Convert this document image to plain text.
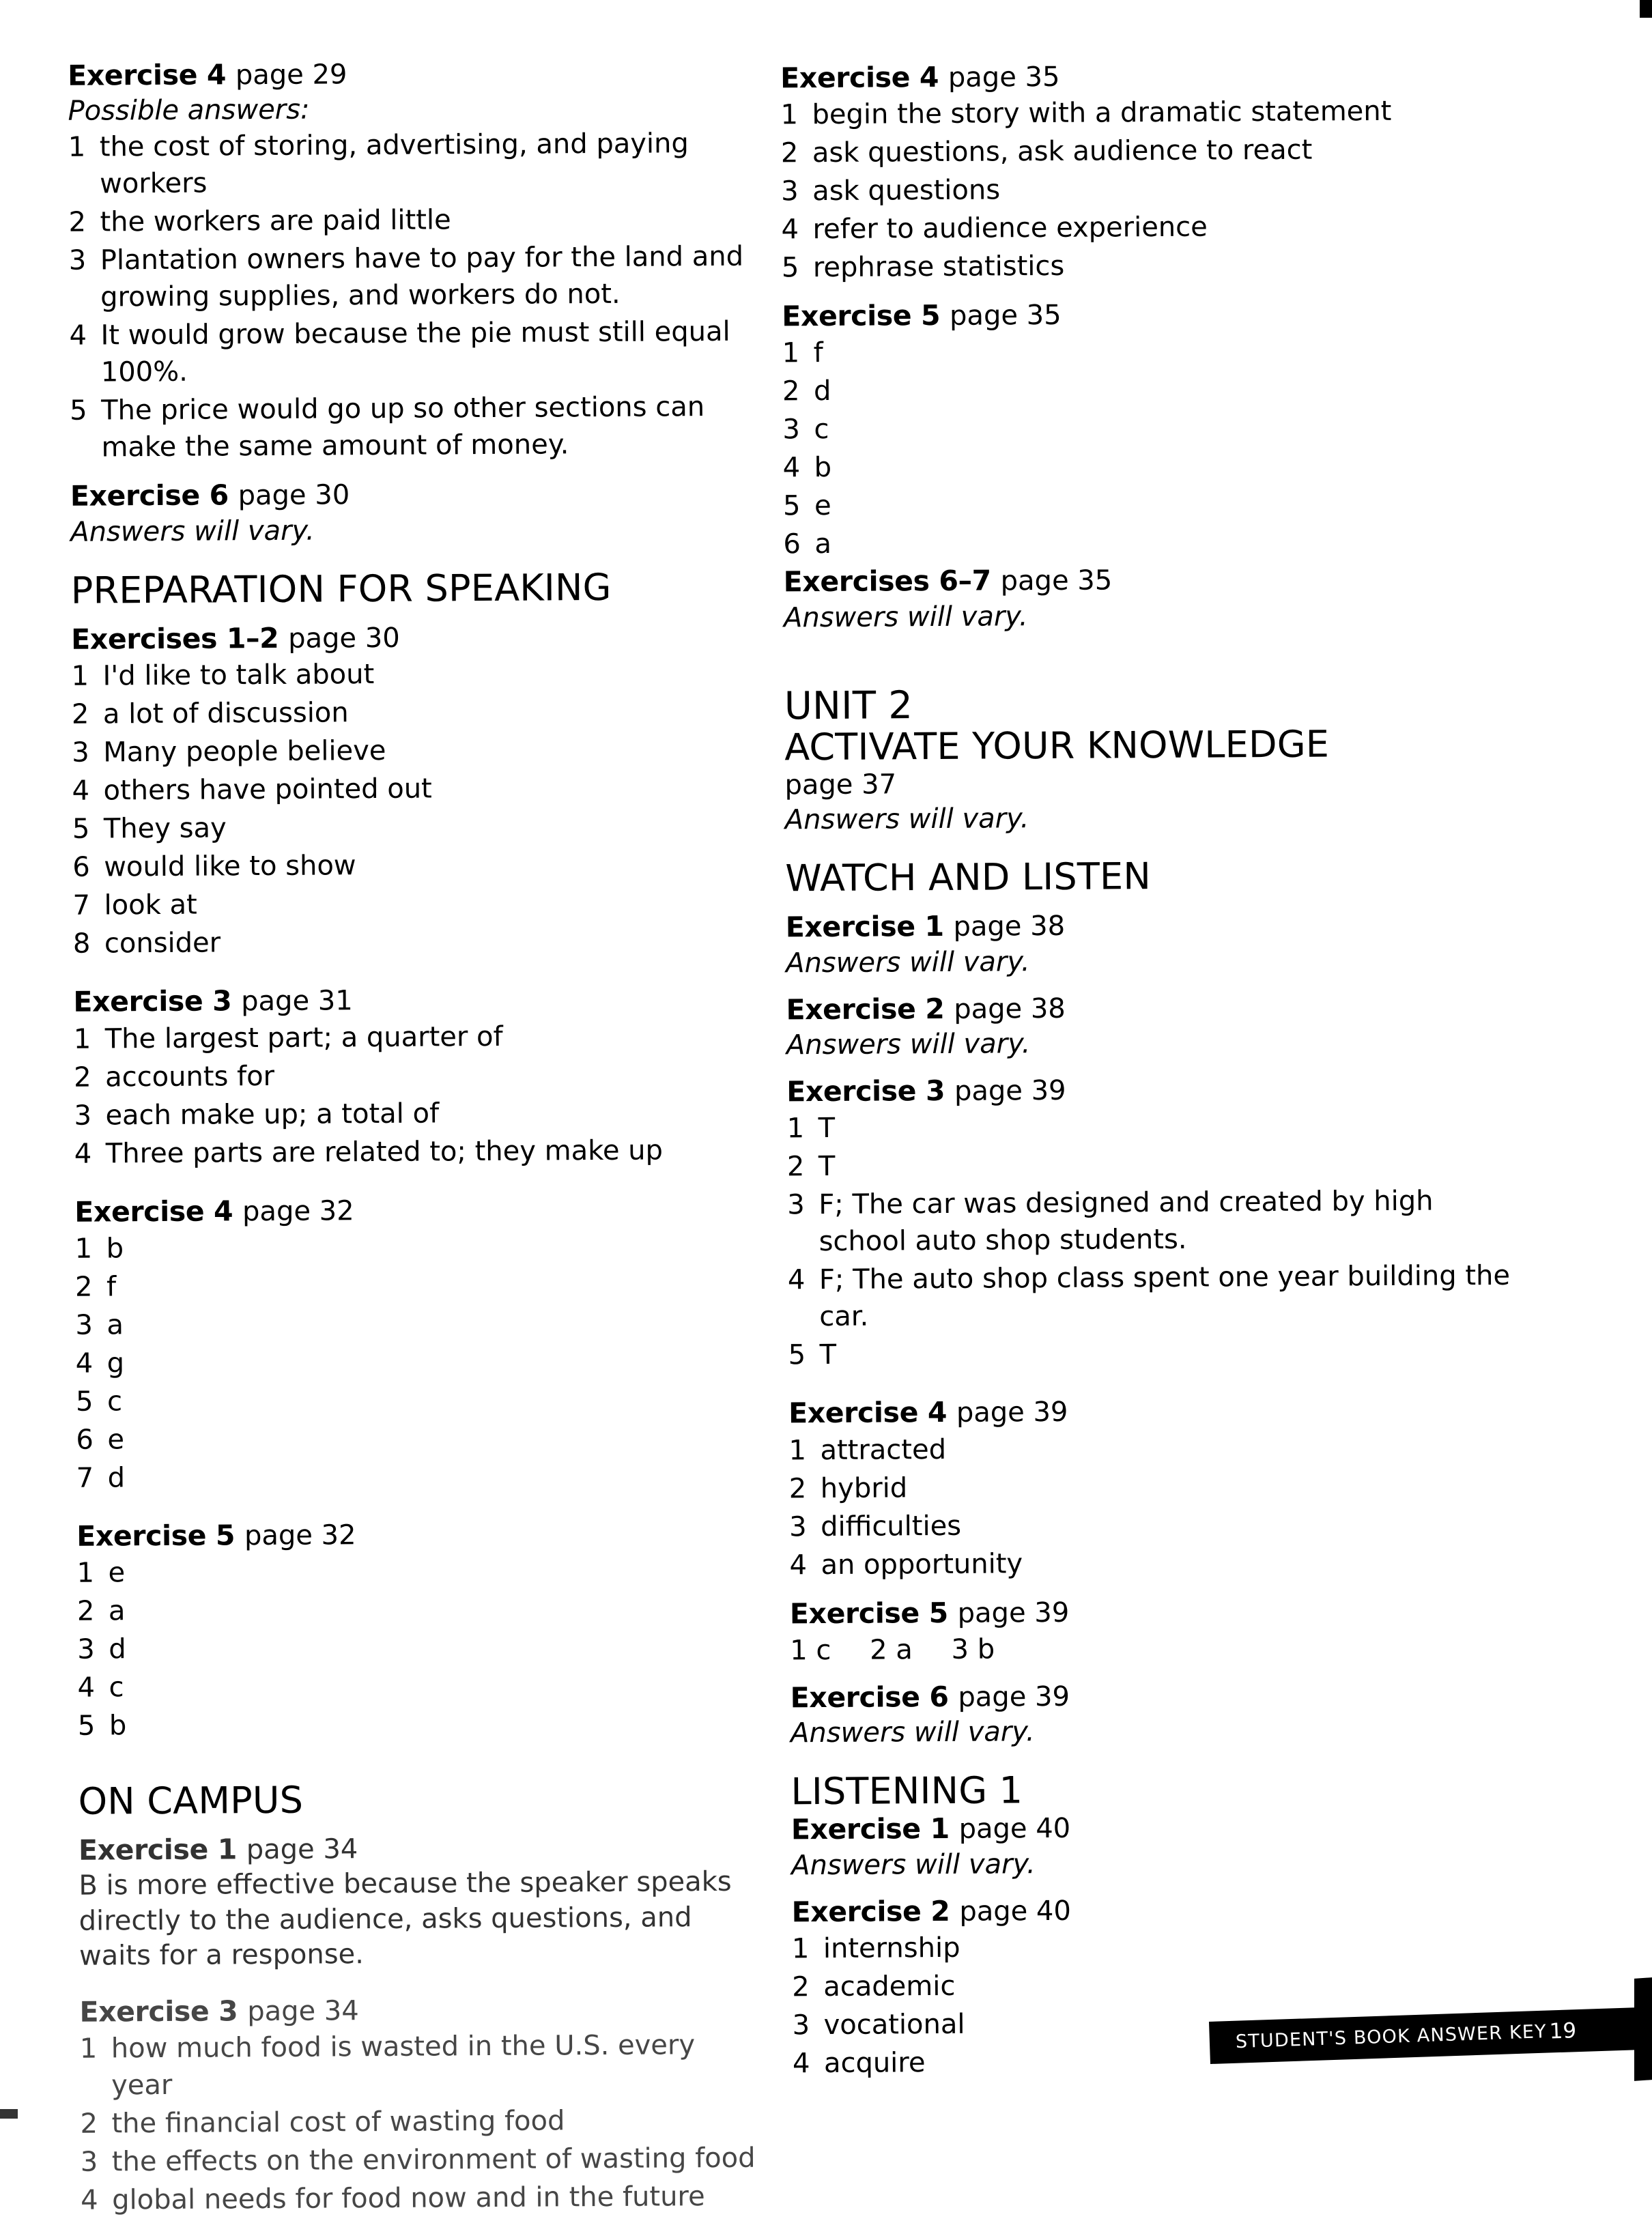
Exercise 4 page 29
Possible answers:
1 the cost of storing, advertising, and paying workers
2 the workers are paid little
3 Plantation owners have to pay for the land and growing supplies, and workers do not.
4 It would grow because the pie must still equal 100%.
5 The price would go up so other sections can make the same amount of money.
Exercise 6 page 30
Answers will vary.
PREPARATION FOR SPEAKING
Exercises 1–2 page 30
1 I'd like to talk about
2 a lot of discussion
3 Many people believe
4 others have pointed out
5 They say
6 would like to show
7 look at
8 consider
Exercise 3 page 31
1 The largest part; a quarter of
2 accounts for
3 each make up; a total of
4 Three parts are related to; they make up
Exercise 4 page 32
1 b
2 f
3 a
4 g
5 c
6 e
7 d
Exercise 5 page 32
1 e
2 a
3 d
4 c
5 b
ON CAMPUS
Exercise 1 page 34
B is more effective because the speaker speaks directly to the audience, asks questions, and waits for a response.
Exercise 3 page 34
1 how much food is wasted in the U.S. every year
2 the financial cost of wasting food
3 the effects on the environment of wasting food
4 global needs for food now and in the future
Exercise 4 page 35
1 begin the story with a dramatic statement
2 ask questions, ask audience to react
3 ask questions
4 refer to audience experience
5 rephrase statistics
Exercise 5 page 35
1 f
2 d
3 c
4 b
5 e
6 a
Exercises 6–7 page 35
Answers will vary.
UNIT 2
ACTIVATE YOUR KNOWLEDGE
page 37
Answers will vary.
WATCH AND LISTEN
Exercise 1 page 38
Answers will vary.
Exercise 2 page 38
Answers will vary.
Exercise 3 page 39
1 T
2 T
3 F; The car was designed and created by high school auto shop students.
4 F; The auto shop class spent one year building the car.
5 T
Exercise 4 page 39
1 attracted
2 hybrid
3 difficulties
4 an opportunity
Exercise 5 page 39
1 c 2 a 3 b
Exercise 6 page 39
Answers will vary.
LISTENING 1
Exercise 1 page 40
Answers will vary.
Exercise 2 page 40
1 internship
2 academic
3 vocational
4 acquire
STUDENT'S BOOK ANSWER KEY 19
